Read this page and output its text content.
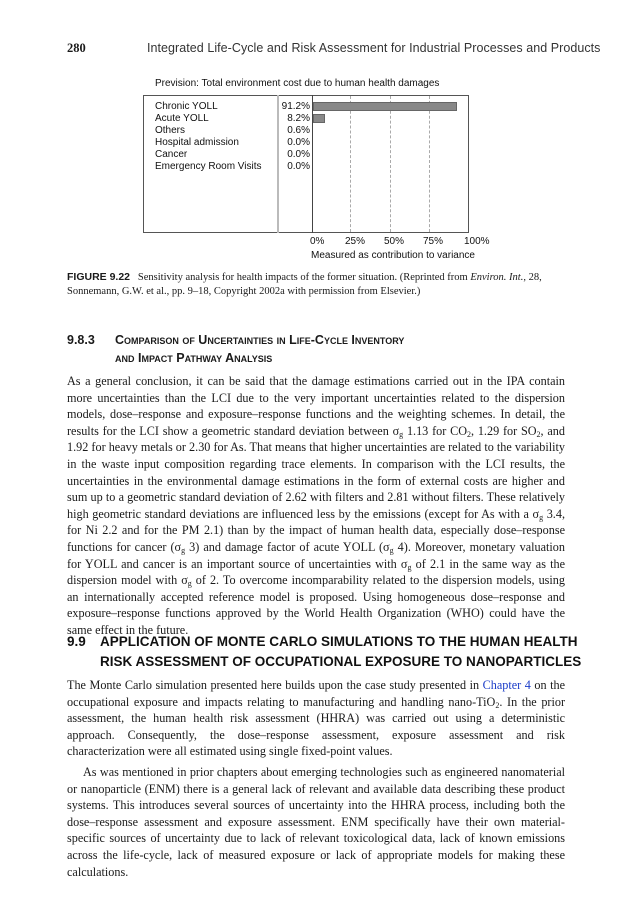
280	Integrated Life-Cycle and Risk Assessment for Industrial Processes and Products
Prevision: Total environment cost due to human health damages
Chronic YOLL	91.2%
Acute YOLL	8.2%
Others	0.6%
Hospital admission	0.0%
Cancer	0.0%
Emergency Room Visits	0.0%
0% 25% 50% 75% 100%
Measured as contribution to variance
FIGURE 9.22 Sensitivity analysis for health impacts of the former situation. (Reprinted from Environ. Int., 28, Sonnemann, G.W. et al., pp. 9–18, Copyright 2002a with permission from Elsevier.)
9.8.3 Comparison of Uncertainties in Life-Cycle Inventory
and Impact Pathway Analysis
As a general conclusion, it can be said that the damage estimations carried out in the IPA contain more uncertainties than the LCI due to the very important uncertainties related to the dispersion models, dose–response and exposure–response functions and the weighting schemes. In detail, the results for the LCI show a geometric standard deviation between $\sigma_g$ 1.13 for $CO_2$, 1.29 for $SO_2$, and 1.92 for heavy metals or 2.30 for As. That means that higher uncertainties are related to the variability in the waste input composition regarding trace elements. In comparison with the LCI results, the uncertainties in the environmental damage estimations in the form of external costs are higher and sum up to a geometric standard deviation of 2.62 with filters and 2.81 without filters. These relatively high geometric standard deviations are influenced less by the emissions (except for As with a $\sigma_g$ 3.4, for Ni 2.2 and for the PM 2.1) than by the impact of human health data, especially dose–response functions for cancer ($\sigma_g$ 3) and damage factor of acute YOLL ($\sigma_g$ 4). Moreover, monetary valuation for YOLL and cancer is an important source of uncertainties with $\sigma_g$ of 2.1 in the same way as the dispersion model with $\sigma_g$ of 2. To overcome incomparability related to the dispersion models, using an internationally accepted reference model is proposed. Using homogeneous dose–response and exposure–response functions approved by the World Health Organization (WHO) could have the same effect in the future.
9.9 APPLICATION OF MONTE CARLO SIMULATIONS TO THE HUMAN HEALTH
RISK ASSESSMENT OF OCCUPATIONAL EXPOSURE TO NANOPARTICLES
The Monte Carlo simulation presented here builds upon the case study presented in Chapter 4 on the occupational exposure and impacts relating to manufacturing and handling nano-TiO$_2$. In the prior assessment, the human health risk assessment (HHRA) was carried out using a deterministic approach. Consequently, the dose–response assessment, exposure assessment and risk characterization were all estimated using single fixed-point values.
As was mentioned in prior chapters about emerging technologies such as engineered nanomaterial or nanoparticle (ENM) there is a general lack of relevant and available data describing these product systems. This introduces several sources of uncertainty into the HHRA process, including both the dose–response assessment and exposure assessment. ENM specifically have their own material-specific sources of uncertainty due to lack of relevant toxicological data, lack of known emissions across the life-cycle, lack of measured exposure or lack of appropriate models for making these calculations.
